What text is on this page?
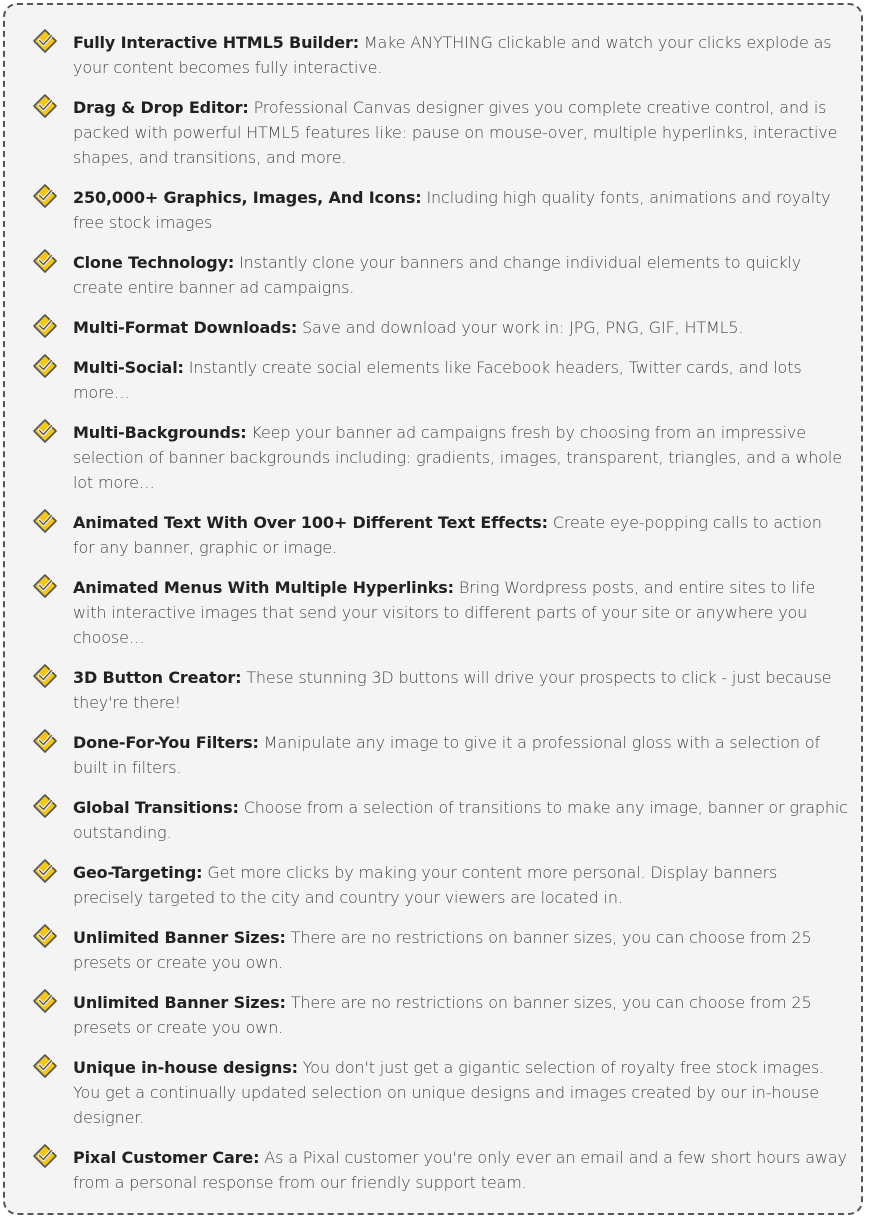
Fully Interactive HTML5 Builder: Make ANYTHING clickable and watch your clicks explode as your content becomes fully interactive.
Drag & Drop Editor: Professional Canvas designer gives you complete creative control, and is packed with powerful HTML5 features like: pause on mouse-over, multiple hyperlinks, interactive shapes, and transitions, and more.
250,000+ Graphics, Images, And Icons: Including high quality fonts, animations and royalty free stock images
Clone Technology: Instantly clone your banners and change individual elements to quickly create entire banner ad campaigns.
Multi-Format Downloads: Save and download your work in: JPG, PNG, GIF, HTML5.
Multi-Social: Instantly create social elements like Facebook headers, Twitter cards, and lots more…
Multi-Backgrounds: Keep your banner ad campaigns fresh by choosing from an impressive selection of banner backgrounds including: gradients, images, transparent, triangles, and a whole lot more…
Animated Text With Over 100+ Different Text Effects: Create eye-popping calls to action for any banner, graphic or image.
Animated Menus With Multiple Hyperlinks: Bring Wordpress posts, and entire sites to life with interactive images that send your visitors to different parts of your site or anywhere you choose…
3D Button Creator: These stunning 3D buttons will drive your prospects to click - just because they're there!
Done-For-You Filters: Manipulate any image to give it a professional gloss with a selection of built in filters.
Global Transitions: Choose from a selection of transitions to make any image, banner or graphic outstanding.
Geo-Targeting: Get more clicks by making your content more personal. Display banners precisely targeted to the city and country your viewers are located in.
Unlimited Banner Sizes: There are no restrictions on banner sizes, you can choose from 25 presets or create you own.
Unlimited Banner Sizes: There are no restrictions on banner sizes, you can choose from 25 presets or create you own.
Unique in-house designs: You don't just get a gigantic selection of royalty free stock images. You get a continually updated selection on unique designs and images created by our in-house designer.
Pixal Customer Care: As a Pixal customer you're only ever an email and a few short hours away from a personal response from our friendly support team.
